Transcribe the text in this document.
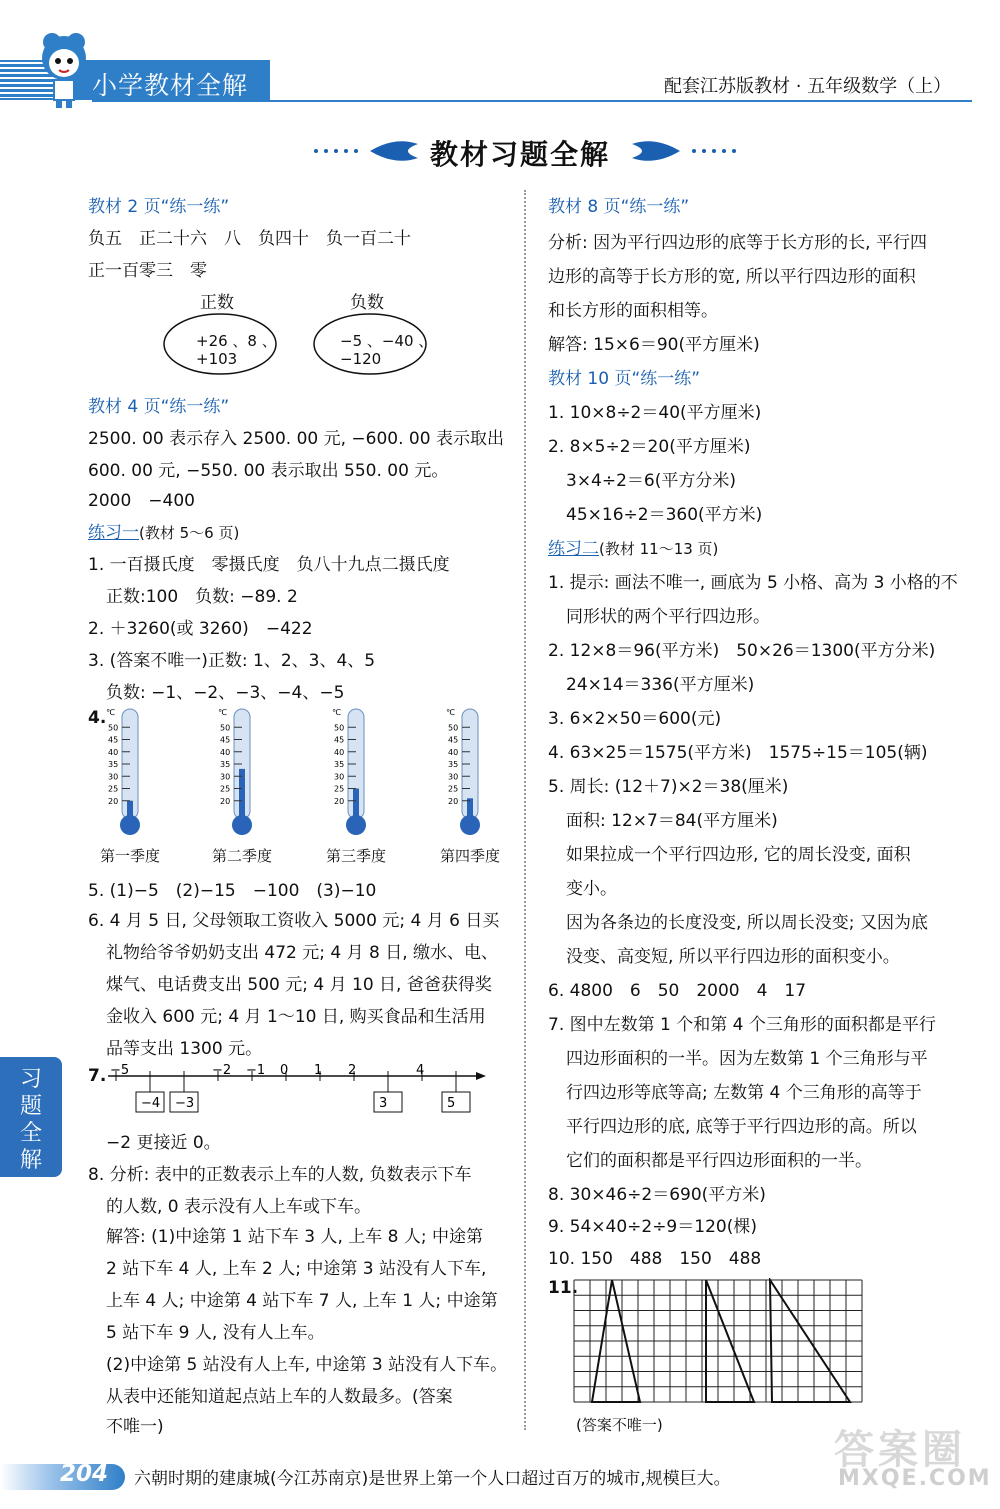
小学教材全解	配套江苏版教材 · 五年级数学（上）
教材习题全解
教材 2 页“练一练”
负五　正二十六　八　负四十　负一百二十
正一百零三　零
正数	负数
+26 、8 、
+103
−5 、−40 、
−120
教材 4 页“练一练”
2500. 00 表示存入 2500. 00 元, −600. 00 表示取出
600. 00 元, −550. 00 表示取出 550. 00 元。
2000　−400
练习一(教材 5～6 页)
1. 一百摄氏度　零摄氏度　负八十九点二摄氏度
正数:100　负数: −89. 2
2. ＋3260(或 3260)　−422
3. (答案不唯一)正数: 1、2、3、4、5
负数: −1、−2、−3、−4、−5
4. ℃
50
45
40
35
30
25
20
第一季度
℃
50
45
40
35
30
25
20
第二季度
℃
50
45
40
35
30
25
20
第三季度
℃
50
45
40
35
30
25
20
第四季度
5. (1)−5　(2)−15　−100　(3)−10
6. 4 月 5 日, 父母领取工资收入 5000 元; 4 月 6 日买
礼物给爷爷奶奶支出 472 元; 4 月 8 日, 缴水、电、
煤气、电话费支出 500 元; 4 月 10 日, 爸爸获得奖
金收入 600 元; 4 月 1～10 日, 购买食品和生活用
品等支出 1300 元。
7. −5	−2 −1 0 1 2	4
−4 −3	3	5
−2 更接近 0。
8. 分析: 表中的正数表示上车的人数, 负数表示下车
的人数, 0 表示没有人上车或下车。
解答: (1)中途第 1 站下车 3 人, 上车 8 人; 中途第
2 站下车 4 人, 上车 2 人; 中途第 3 站没有人下车,
上车 4 人; 中途第 4 站下车 7 人, 上车 1 人; 中途第
5 站下车 9 人, 没有人上车。
(2)中途第 5 站没有人上车, 中途第 3 站没有人下车。
从表中还能知道起点站上车的人数最多。(答案
不唯一)
教材 8 页“练一练”
分析: 因为平行四边形的底等于长方形的长, 平行四
边形的高等于长方形的宽, 所以平行四边形的面积
和长方形的面积相等。
解答: 15×6＝90(平方厘米)
教材 10 页“练一练”
1. 10×8÷2＝40(平方厘米)
2. 8×5÷2＝20(平方厘米)
3×4÷2＝6(平方分米)
45×16÷2＝360(平方米)
练习二(教材 11～13 页)
1. 提示: 画法不唯一, 画底为 5 小格、高为 3 小格的不
同形状的两个平行四边形。
2. 12×8＝96(平方米)　50×26＝1300(平方分米)
24×14＝336(平方厘米)
3. 6×2×50＝600(元)
4. 63×25＝1575(平方米)　1575÷15＝105(辆)
5. 周长: (12＋7)×2＝38(厘米)
面积: 12×7＝84(平方厘米)
如果拉成一个平行四边形, 它的周长没变, 面积
变小。
因为各条边的长度没变, 所以周长没变; 又因为底
没变、高变短, 所以平行四边形的面积变小。
6. 4800　6　50　2000　4　17
7. 图中左数第 1 个和第 4 个三角形的面积都是平行
四边形面积的一半。因为左数第 1 个三角形与平
行四边形等底等高; 左数第 4 个三角形的高等于
平行四边形的底, 底等于平行四边形的高。所以
它们的面积都是平行四边形面积的一半。
8. 30×46÷2＝690(平方米)
9. 54×40÷2÷9＝120(棵)
10. 150　488　150　488
11.
(答案不唯一)
习题全解
204 六朝时期的建康城(今江苏南京)是世界上第一个人口超过百万的城市,规模巨大。
答案圈
MXQE.COM
